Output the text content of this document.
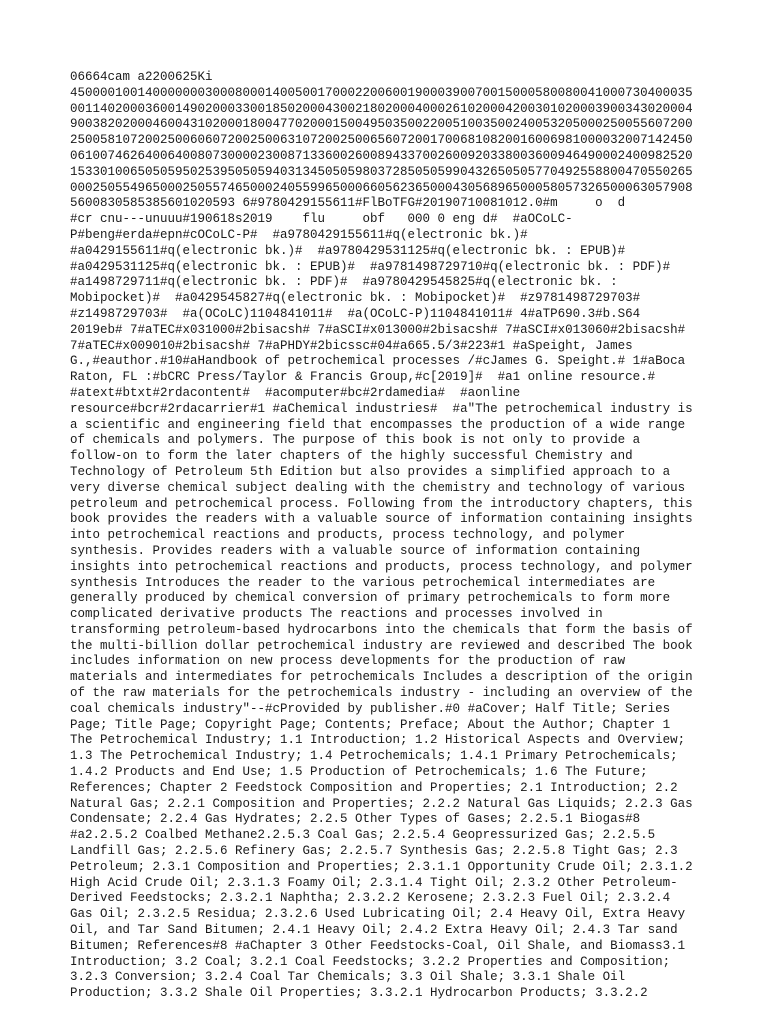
06664cam a2200625Ki
45000010014000000030008000140050017000220060019000390070015000580080041000730400035
00114020003600149020003300185020004300218020004000261020004200301020003900343020004
90038202000460043102000180047702000150049503500220051003500240053205000250055607200
25005810720025006060720025006310720025006560720017006810820016006981000032007142450
06100746264006400807300002300871336002600894337002600920338003600946490002400982520
15330100650505950253950505940313450505980372850505990432650505770492558800470550265
00025055496500025055746500024055996500066056236500043056896500058057326500063057908
5600830585385601020593 6#9780429155611#FlBoTFG#20190710081012.0#m     o  d
#cr cnu---unuuu#190618s2019    flu     obf   000 0 eng d#  #aOCoLC-
P#beng#erda#epn#cOCoLC-P#  #a9780429155611#q(electronic bk.)#
#a0429155611#q(electronic bk.)#  #a9780429531125#q(electronic bk. : EPUB)#
#a0429531125#q(electronic bk. : EPUB)#  #a9781498729710#q(electronic bk. : PDF)#
#a1498729711#q(electronic bk. : PDF)#  #a9780429545825#q(electronic bk. :
Mobipocket)#  #a0429545827#q(electronic bk. : Mobipocket)#  #z9781498729703#
#z1498729703#  #a(OCoLC)1104841011#  #a(OCoLC-P)1104841011# 4#aTP690.3#b.S64
2019eb# 7#aTEC#x031000#2bisacsh# 7#aSCI#x013000#2bisacsh# 7#aSCI#x013060#2bisacsh#
7#aTEC#x009010#2bisacsh# 7#aPHDY#2bicssc#04#a665.5/3#223#1 #aSpeight, James
G.,#eauthor.#10#aHandbook of petrochemical processes /#cJames G. Speight.# 1#aBoca
Raton, FL :#bCRC Press/Taylor & Francis Group,#c[2019]#  #a1 online resource.#
#atext#btxt#2rdacontent#  #acomputer#bc#2rdamedia#  #aonline
resource#bcr#2rdacarrier#1 #aChemical industries#  #a"The petrochemical industry is
a scientific and engineering field that encompasses the production of a wide range
of chemicals and polymers. The purpose of this book is not only to provide a
follow-on to form the later chapters of the highly successful Chemistry and
Technology of Petroleum 5th Edition but also provides a simplified approach to a
very diverse chemical subject dealing with the chemistry and technology of various
petroleum and petrochemical process. Following from the introductory chapters, this
book provides the readers with a valuable source of information containing insights
into petrochemical reactions and products, process technology, and polymer
synthesis. Provides readers with a valuable source of information containing
insights into petrochemical reactions and products, process technology, and polymer
synthesis Introduces the reader to the various petrochemical intermediates are
generally produced by chemical conversion of primary petrochemicals to form more
complicated derivative products The reactions and processes involved in
transforming petroleum-based hydrocarbons into the chemicals that form the basis of
the multi-billion dollar petrochemical industry are reviewed and described The book
includes information on new process developments for the production of raw
materials and intermediates for petrochemicals Includes a description of the origin
of the raw materials for the petrochemicals industry - including an overview of the
coal chemicals industry"--#cProvided by publisher.#0 #aCover; Half Title; Series
Page; Title Page; Copyright Page; Contents; Preface; About the Author; Chapter 1
The Petrochemical Industry; 1.1 Introduction; 1.2 Historical Aspects and Overview;
1.3 The Petrochemical Industry; 1.4 Petrochemicals; 1.4.1 Primary Petrochemicals;
1.4.2 Products and End Use; 1.5 Production of Petrochemicals; 1.6 The Future;
References; Chapter 2 Feedstock Composition and Properties; 2.1 Introduction; 2.2
Natural Gas; 2.2.1 Composition and Properties; 2.2.2 Natural Gas Liquids; 2.2.3 Gas
Condensate; 2.2.4 Gas Hydrates; 2.2.5 Other Types of Gases; 2.2.5.1 Biogas#8
#a2.2.5.2 Coalbed Methane2.2.5.3 Coal Gas; 2.2.5.4 Geopressurized Gas; 2.2.5.5
Landfill Gas; 2.2.5.6 Refinery Gas; 2.2.5.7 Synthesis Gas; 2.2.5.8 Tight Gas; 2.3
Petroleum; 2.3.1 Composition and Properties; 2.3.1.1 Opportunity Crude Oil; 2.3.1.2
High Acid Crude Oil; 2.3.1.3 Foamy Oil; 2.3.1.4 Tight Oil; 2.3.2 Other Petroleum-
Derived Feedstocks; 2.3.2.1 Naphtha; 2.3.2.2 Kerosene; 2.3.2.3 Fuel Oil; 2.3.2.4
Gas Oil; 2.3.2.5 Residua; 2.3.2.6 Used Lubricating Oil; 2.4 Heavy Oil, Extra Heavy
Oil, and Tar Sand Bitumen; 2.4.1 Heavy Oil; 2.4.2 Extra Heavy Oil; 2.4.3 Tar sand
Bitumen; References#8 #aChapter 3 Other Feedstocks-Coal, Oil Shale, and Biomass3.1
Introduction; 3.2 Coal; 3.2.1 Coal Feedstocks; 3.2.2 Properties and Composition;
3.2.3 Conversion; 3.2.4 Coal Tar Chemicals; 3.3 Oil Shale; 3.3.1 Shale Oil
Production; 3.3.2 Shale Oil Properties; 3.3.2.1 Hydrocarbon Products; 3.3.2.2
